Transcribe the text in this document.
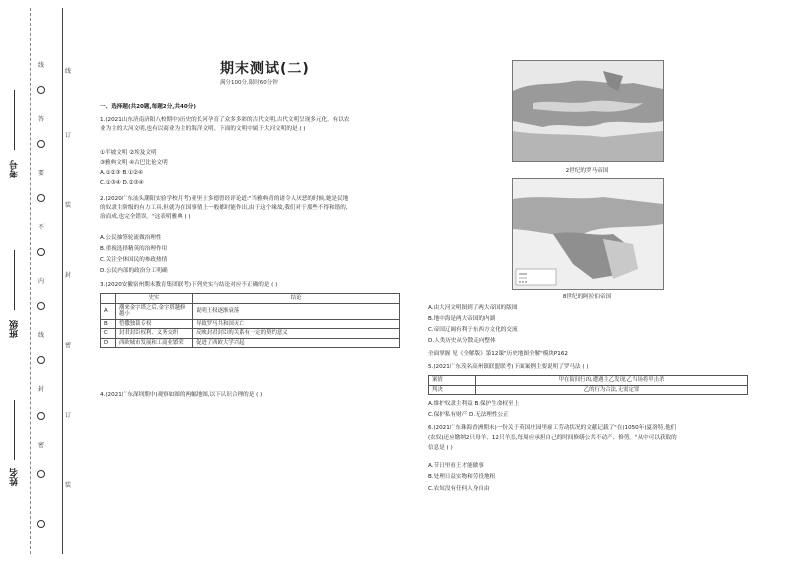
姓名
班级
考号
线
答
要
不
内
线
封
密
线
订
装
封
密
订
装
期末测试(二)
满分100分,限时60分钟
一、选择题(共20题,每题2分,共40分)
1.(2021山东济南济阳八校期中)历史的长河孕育了众多多彩的古代文明,古代文明呈现多元化。有以农
业为主的大河文明,也有以商业为主的海洋文明。下面的文明中属于大河文明的是 ( )
①半坡文明 ②埃及文明
③雅典文明 ④古巴比伦文明
A.①②③ B.①②④
C.①③④ D.②③④
2.(2020广东汕头潮阳实验学校月考)亚里士多德曾经评论道:"当雅典青的诸令人厌恶的时候,她是民地
的奴隶主阶级的有力工具,但就为在国事情上一般都时能作出,由于这个缘故,我们对于那些不得和谐的,
治而成,也完全错误。"这表明雅典 ( )
A.公民抽签轮流做治理性
B.重视选择精英的治理作用
C.关注全体国民的参政热情
D.公民内部的政治分工明确
3.(2020安徽宿州期末教育集团联考)下列史实与结论对应不正确的是 ( )
	史实	结论
A	潮来金字塔之后,金字塔越修越小	说明王权逐渐衰落
B	恺撒独裁专权	导致罗马共和国灭亡
C	封君封臣权利、义务交织	反映封君封臣的关系有一定的契约意义
D	西欧城市发展和工商业繁荣	促进了西欧大学兴起
4.(2021广东深圳期中)观察如图的两幅地图,以下认识合理的是 ( )
2世纪的罗马帝国
8世纪的阿拉伯帝国
A.由大河文明图到了两大帝国的版图
B.地中海是两大帝国的内湖
C.帝国辽阔有利于东西方文化的交流
D.人类历史从分散走向整体
全面掌握 见《全解版》第12课"历史地图全解"模块P162
5.(2021广东茂名高州镇联盟联考)下面案例主要说明了罗马法 ( )
案情	甲在街间行凶,遭遇主乙发现,乙当场将甲击杀
判决	乙的行为合法,无需定罪
A.维护奴隶主利益 B.保护生命权至上
C.保护私有财产 D.无法理性公正
6.(2021广东珠海香洲期末)一份关于英国庄园里雇工劳动状况的文献记载了"在(1050年)夏洛特,他们
(农奴)还应缴纳2只母羊、12只羊羔,每周应承担自己的时间修缮公共不动产、修剪。"从中可以获取的
信息是 ( )
A.节日里看王才能做事
B.处理日益实物和劳役地租
C.农奴没有任何人身自由
